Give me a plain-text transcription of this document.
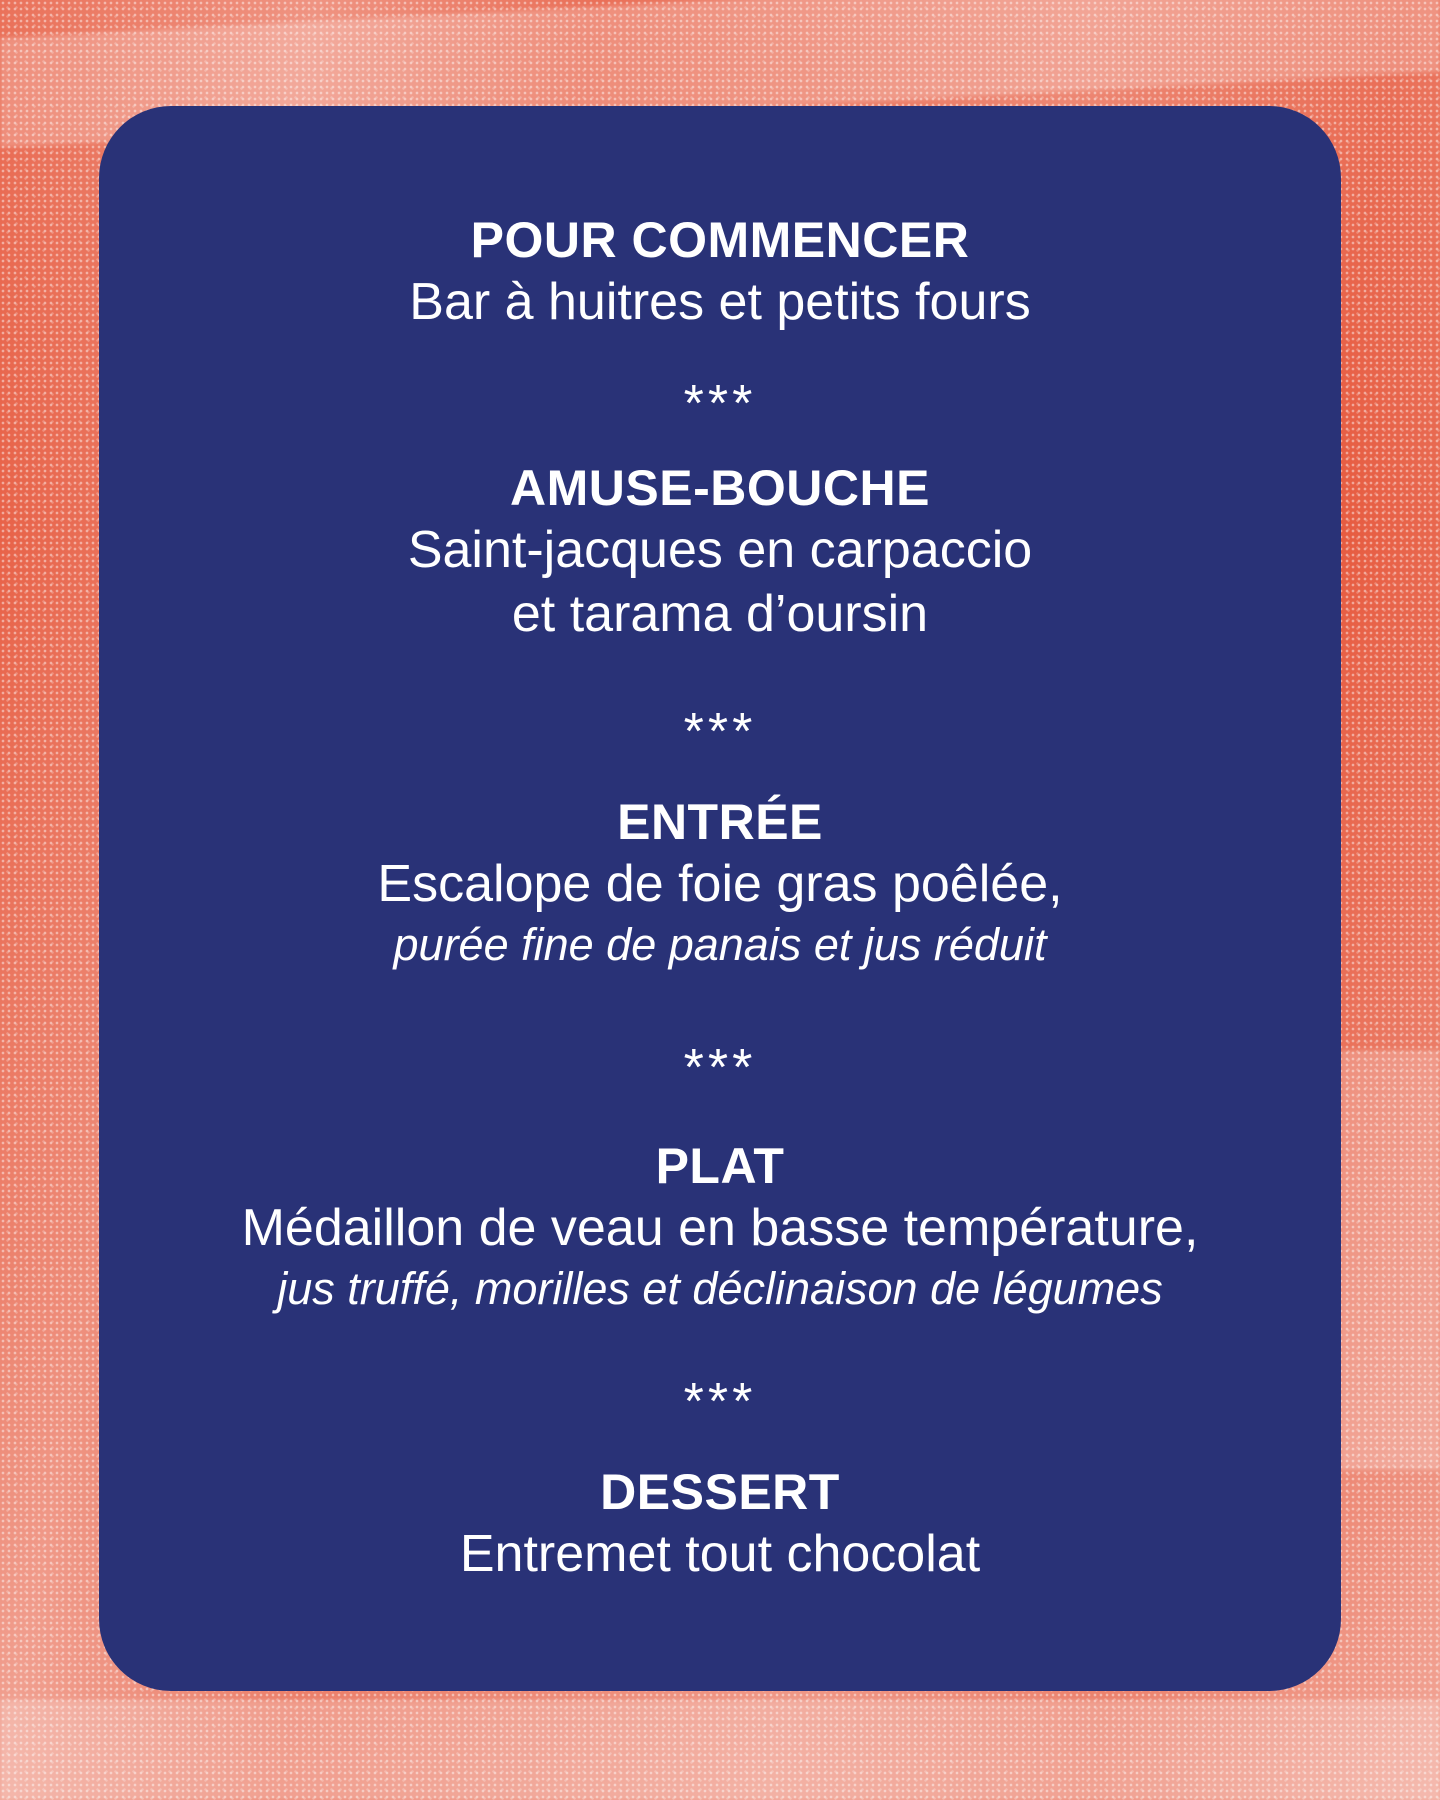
POUR COMMENCER
Bar à huitres et petits fours
***
AMUSE-BOUCHE
Saint-jacques en carpaccio
et tarama d’oursin
***
ENTRÉE
Escalope de foie gras poêlée,
purée fine de panais et jus réduit
***
PLAT
Médaillon de veau en basse température,
jus truffé, morilles et déclinaison de légumes
***
DESSERT
Entremet tout chocolat
